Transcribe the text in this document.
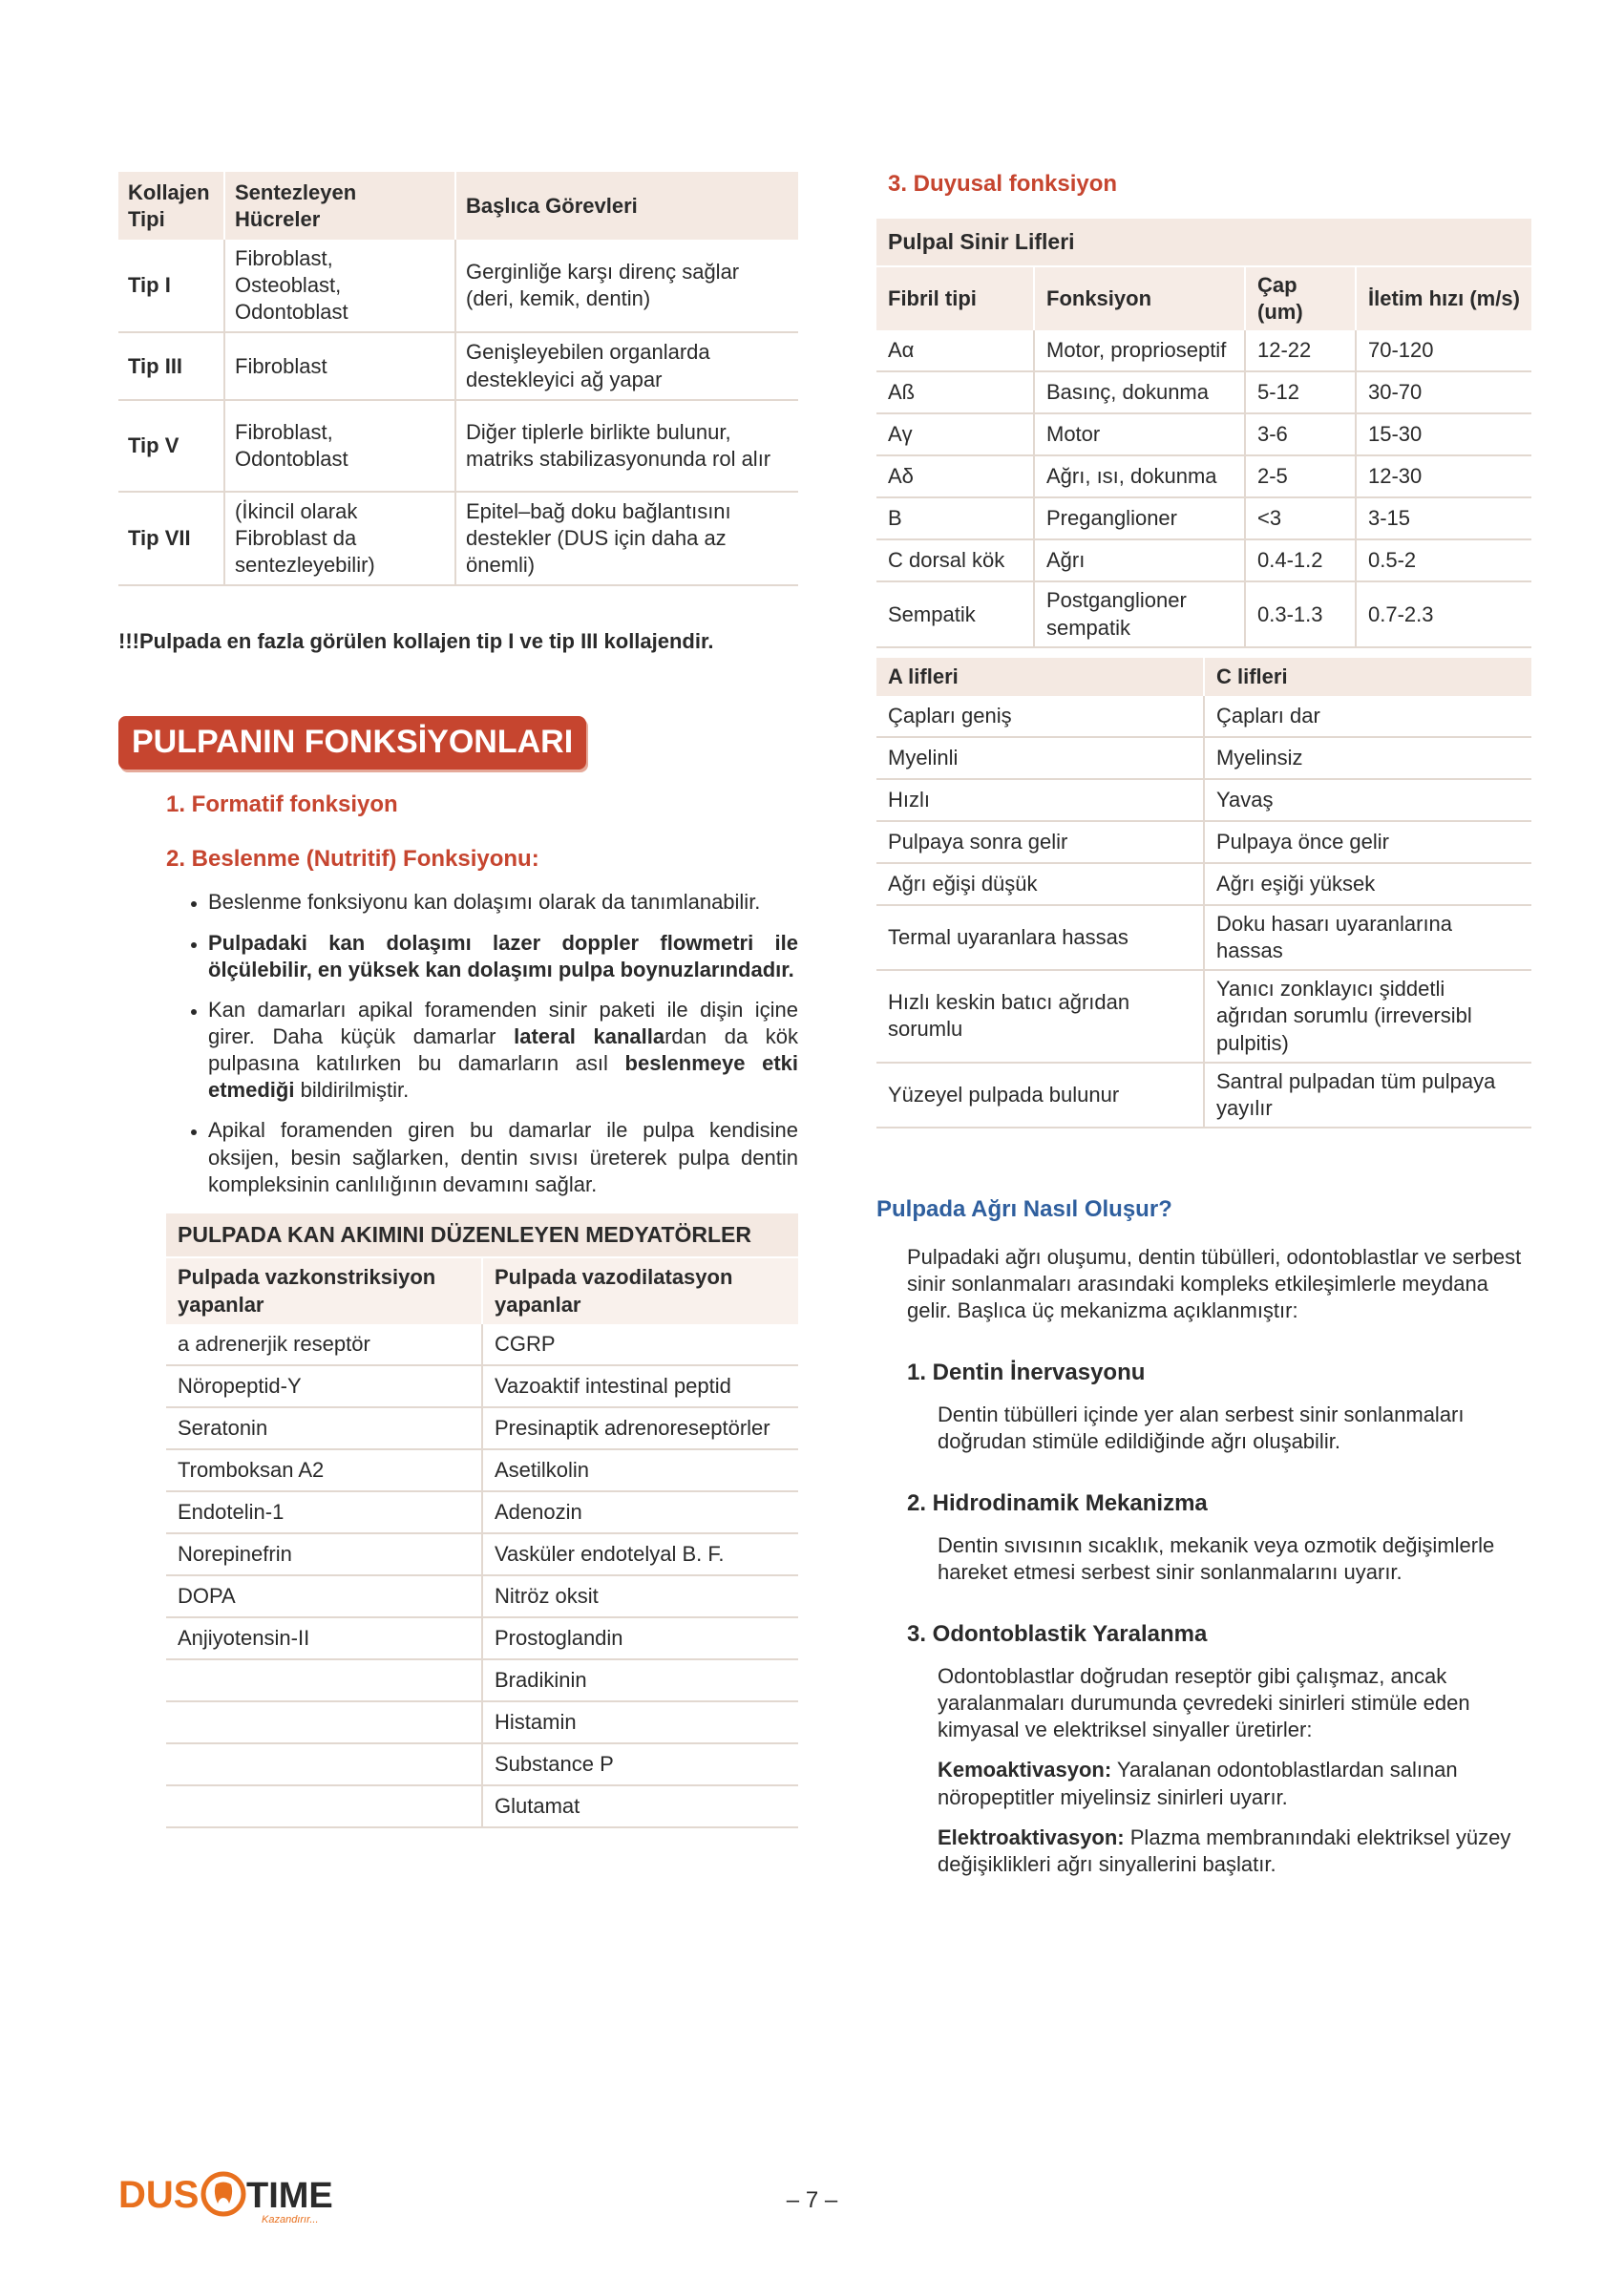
Kollajen Tipi	Sentezleyen Hücreler	Başlıca Görevleri
Tip I	Fibroblast, Osteoblast, Odontoblast	Gerginliğe karşı direnç sağlar (deri, kemik, dentin)
Tip III	Fibroblast	Genişleyebilen organlarda destekleyici ağ yapar
Tip V	Fibroblast, Odontoblast	Diğer tiplerle birlikte bulunur, matriks stabilizasyonunda rol alır
Tip VII	(İkincil olarak Fibroblast da sentezleyebilir)	Epitel–bağ doku bağlantısını destekler (DUS için daha az önemli)
!!!Pulpada en fazla görülen kollajen tip I ve tip III kollajendir.
PULPANIN FONKSİYONLARI
1. Formatif fonksiyon
2. Beslenme (Nutritif) Fonksiyonu:
• Beslenme fonksiyonu kan dolaşımı olarak da tanımlanabilir.
• Pulpadaki kan dolaşımı lazer doppler flowmetri ile ölçülebilir, en yüksek kan dolaşımı pulpa boynuzlarındadır.
• Kan damarları apikal foramenden sinir paketi ile dişin içine girer. Daha küçük damarlar lateral kanallardan da kök pulpasına katılırken bu damarların asıl beslenmeye etki etmediği bildirilmiştir.
• Apikal foramenden giren bu damarlar ile pulpa kendisine oksijen, besin sağlarken, dentin sıvısı üreterek pulpa dentin kompleksinin canlılığının devamını sağlar.
PULPADA KAN AKIMINI DÜZENLEYEN MEDYATÖRLER	
Pulpada vazkonstriksiyon yapanlar	Pulpada vazodilatasyon yapanlar
a adrenerjik reseptör	CGRP
Nöropeptid-Y	Vazoaktif intestinal peptid
Seratonin	Presinaptik adrenoreseptörler
Tromboksan A2	Asetilkolin
Endotelin-1	Adenozin
Norepinefrin	Vasküler endotelyal B. F.
DOPA	Nitröz oksit
Anjiyotensin-II	Prostoglandin
	Bradikinin
	Histamin
	Substance P
	Glutamat
3. Duyusal fonksiyon
Pulpal Sinir Lifleri			
Fibril tipi	Fonksiyon	Çap (um)	İletim hızı (m/s)
Aα	Motor, proprioseptif	12-22	70-120
Aß	Basınç, dokunma	5-12	30-70
Aγ	Motor	3-6	15-30
Aδ	Ağrı, ısı, dokunma	2-5	12-30
B	Preganglioner	<3	3-15
C dorsal kök	Ağrı	0.4-1.2	0.5-2
Sempatik	Postganglioner sempatik	0.3-1.3	0.7-2.3
A lifleri	C lifleri
Çapları geniş	Çapları dar
Myelinli	Myelinsiz
Hızlı	Yavaş
Pulpaya sonra gelir	Pulpaya önce gelir
Ağrı eğişi düşük	Ağrı eşiği yüksek
Termal uyaranlara hassas	Doku hasarı uyaranlarına hassas
Hızlı keskin batıcı ağrıdan sorumlu	Yanıcı zonklayıcı şiddetli ağrıdan sorumlu (irreversibl pulpitis)
Yüzeyel pulpada bulunur	Santral pulpadan tüm pulpaya yayılır
Pulpada Ağrı Nasıl Oluşur?
Pulpadaki ağrı oluşumu, dentin tübülleri, odontoblastlar ve serbest sinir sonlanmaları arasındaki kompleks etkileşimlerle meydana gelir. Başlıca üç mekanizma açıklanmıştır:
1. Dentin İnervasyonu
Dentin tübülleri içinde yer alan serbest sinir sonlanmaları doğrudan stimüle edildiğinde ağrı oluşabilir.
2. Hidrodinamik Mekanizma
Dentin sıvısının sıcaklık, mekanik veya ozmotik değişimlerle hareket etmesi serbest sinir sonlanmalarını uyarır.
3. Odontoblastik Yaralanma
Odontoblastlar doğrudan reseptör gibi çalışmaz, ancak yaralanmaları durumunda çevredeki sinirleri stimüle eden kimyasal ve elektriksel sinyaller üretirler:
Kemoaktivasyon: Yaralanan odontoblastlardan salınan nöropeptitler miyelinsiz sinirleri uyarır.
Elektroaktivasyon: Plazma membranındaki elektriksel yüzey değişiklikleri ağrı sinyallerini başlatır.
DUS TIME
Kazandırır...
– 7 –
